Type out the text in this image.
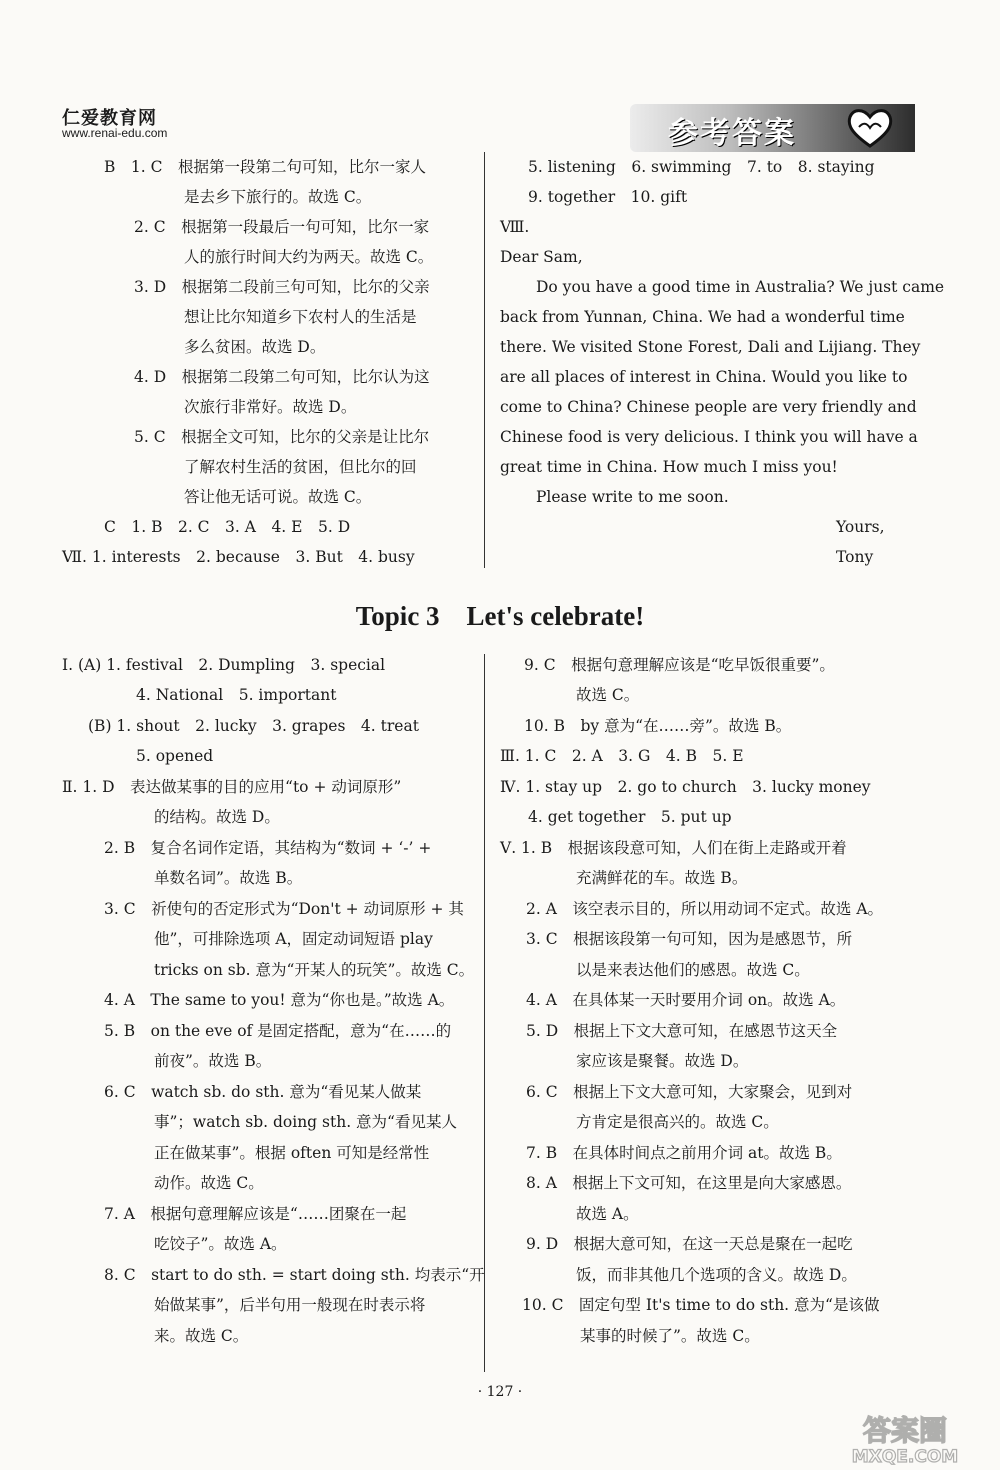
仁爱教育网
www.renai-edu.com	参考答案
B　1. C　根据第一段第二句可知，比尔一家人
是去乡下旅行的。故选 C。
2. C　根据第一段最后一句可知，比尔一家
人的旅行时间大约为两天。故选 C。
3. D　根据第二段前三句可知，比尔的父亲
想让比尔知道乡下农村人的生活是
多么贫困。故选 D。
4. D　根据第二段第二句可知，比尔认为这
次旅行非常好。故选 D。
5. C　根据全文可知，比尔的父亲是让比尔
了解农村生活的贫困，但比尔的回
答让他无话可说。故选 C。
C　1. B　2. C　3. A　4. E　5. D
Ⅶ. 1. interests　2. because　3. But　4. busy
5. listening　6. swimming　7. to　8. staying
9. together　10. gift
Ⅷ.
Dear Sam,
Do you have a good time in Australia? We just came
back from Yunnan, China. We had a wonderful time
there. We visited Stone Forest, Dali and Lijiang. They
are all places of interest in China. Would you like to
come to China? Chinese people are very friendly and
Chinese food is very delicious. I think you will have a
great time in China. How much I miss you!
Please write to me soon.
Yours,
Tony
Topic 3　Let's celebrate!
Ⅰ. (A) 1. festival　2. Dumpling　3. special
4. National　5. important
(B) 1. shout　2. lucky　3. grapes　4. treat
5. opened
Ⅱ. 1. D　表达做某事的目的应用“to + 动词原形”
的结构。故选 D。
2. B　复合名词作定语，其结构为“数词 + ‘-’ +
单数名词”。故选 B。
3. C　祈使句的否定形式为“Don't + 动词原形 + 其
他”，可排除选项 A，固定动词短语 play
tricks on sb. 意为“开某人的玩笑”。故选 C。
4. A　The same to you! 意为“你也是。”故选 A。
5. B　on the eve of 是固定搭配，意为“在……的
前夜”。故选 B。
6. C　watch sb. do sth. 意为“看见某人做某
事”；watch sb. doing sth. 意为“看见某人
正在做某事”。根据 often 可知是经常性
动作。故选 C。
7. A　根据句意理解应该是“……团聚在一起
吃饺子”。故选 A。
8. C　start to do sth. = start doing sth. 均表示“开
始做某事”，后半句用一般现在时表示将
来。故选 C。
9. C　根据句意理解应该是“吃早饭很重要”。
故选 C。
10. B　by 意为“在……旁”。故选 B。
Ⅲ. 1. C　2. A　3. G　4. B　5. E
Ⅳ. 1. stay up　2. go to church　3. lucky money
4. get together　5. put up
Ⅴ. 1. B　根据该段意可知，人们在街上走路或开着
充满鲜花的车。故选 B。
2. A　该空表示目的，所以用动词不定式。故选 A。
3. C　根据该段第一句可知，因为是感恩节，所
以是来表达他们的感恩。故选 C。
4. A　在具体某一天时要用介词 on。故选 A。
5. D　根据上下文大意可知，在感恩节这天全
家应该是聚餐。故选 D。
6. C　根据上下文大意可知，大家聚会，见到对
方肯定是很高兴的。故选 C。
7. B　在具体时间点之前用介词 at。故选 B。
8. A　根据上下文可知，在这里是向大家感恩。
故选 A。
9. D　根据大意可知，在这一天总是聚在一起吃
饭，而非其他几个选项的含义。故选 D。
10. C　固定句型 It's time to do sth. 意为“是该做
某事的时候了”。故选 C。
· 127 ·
答案圈
MXQE.COM
